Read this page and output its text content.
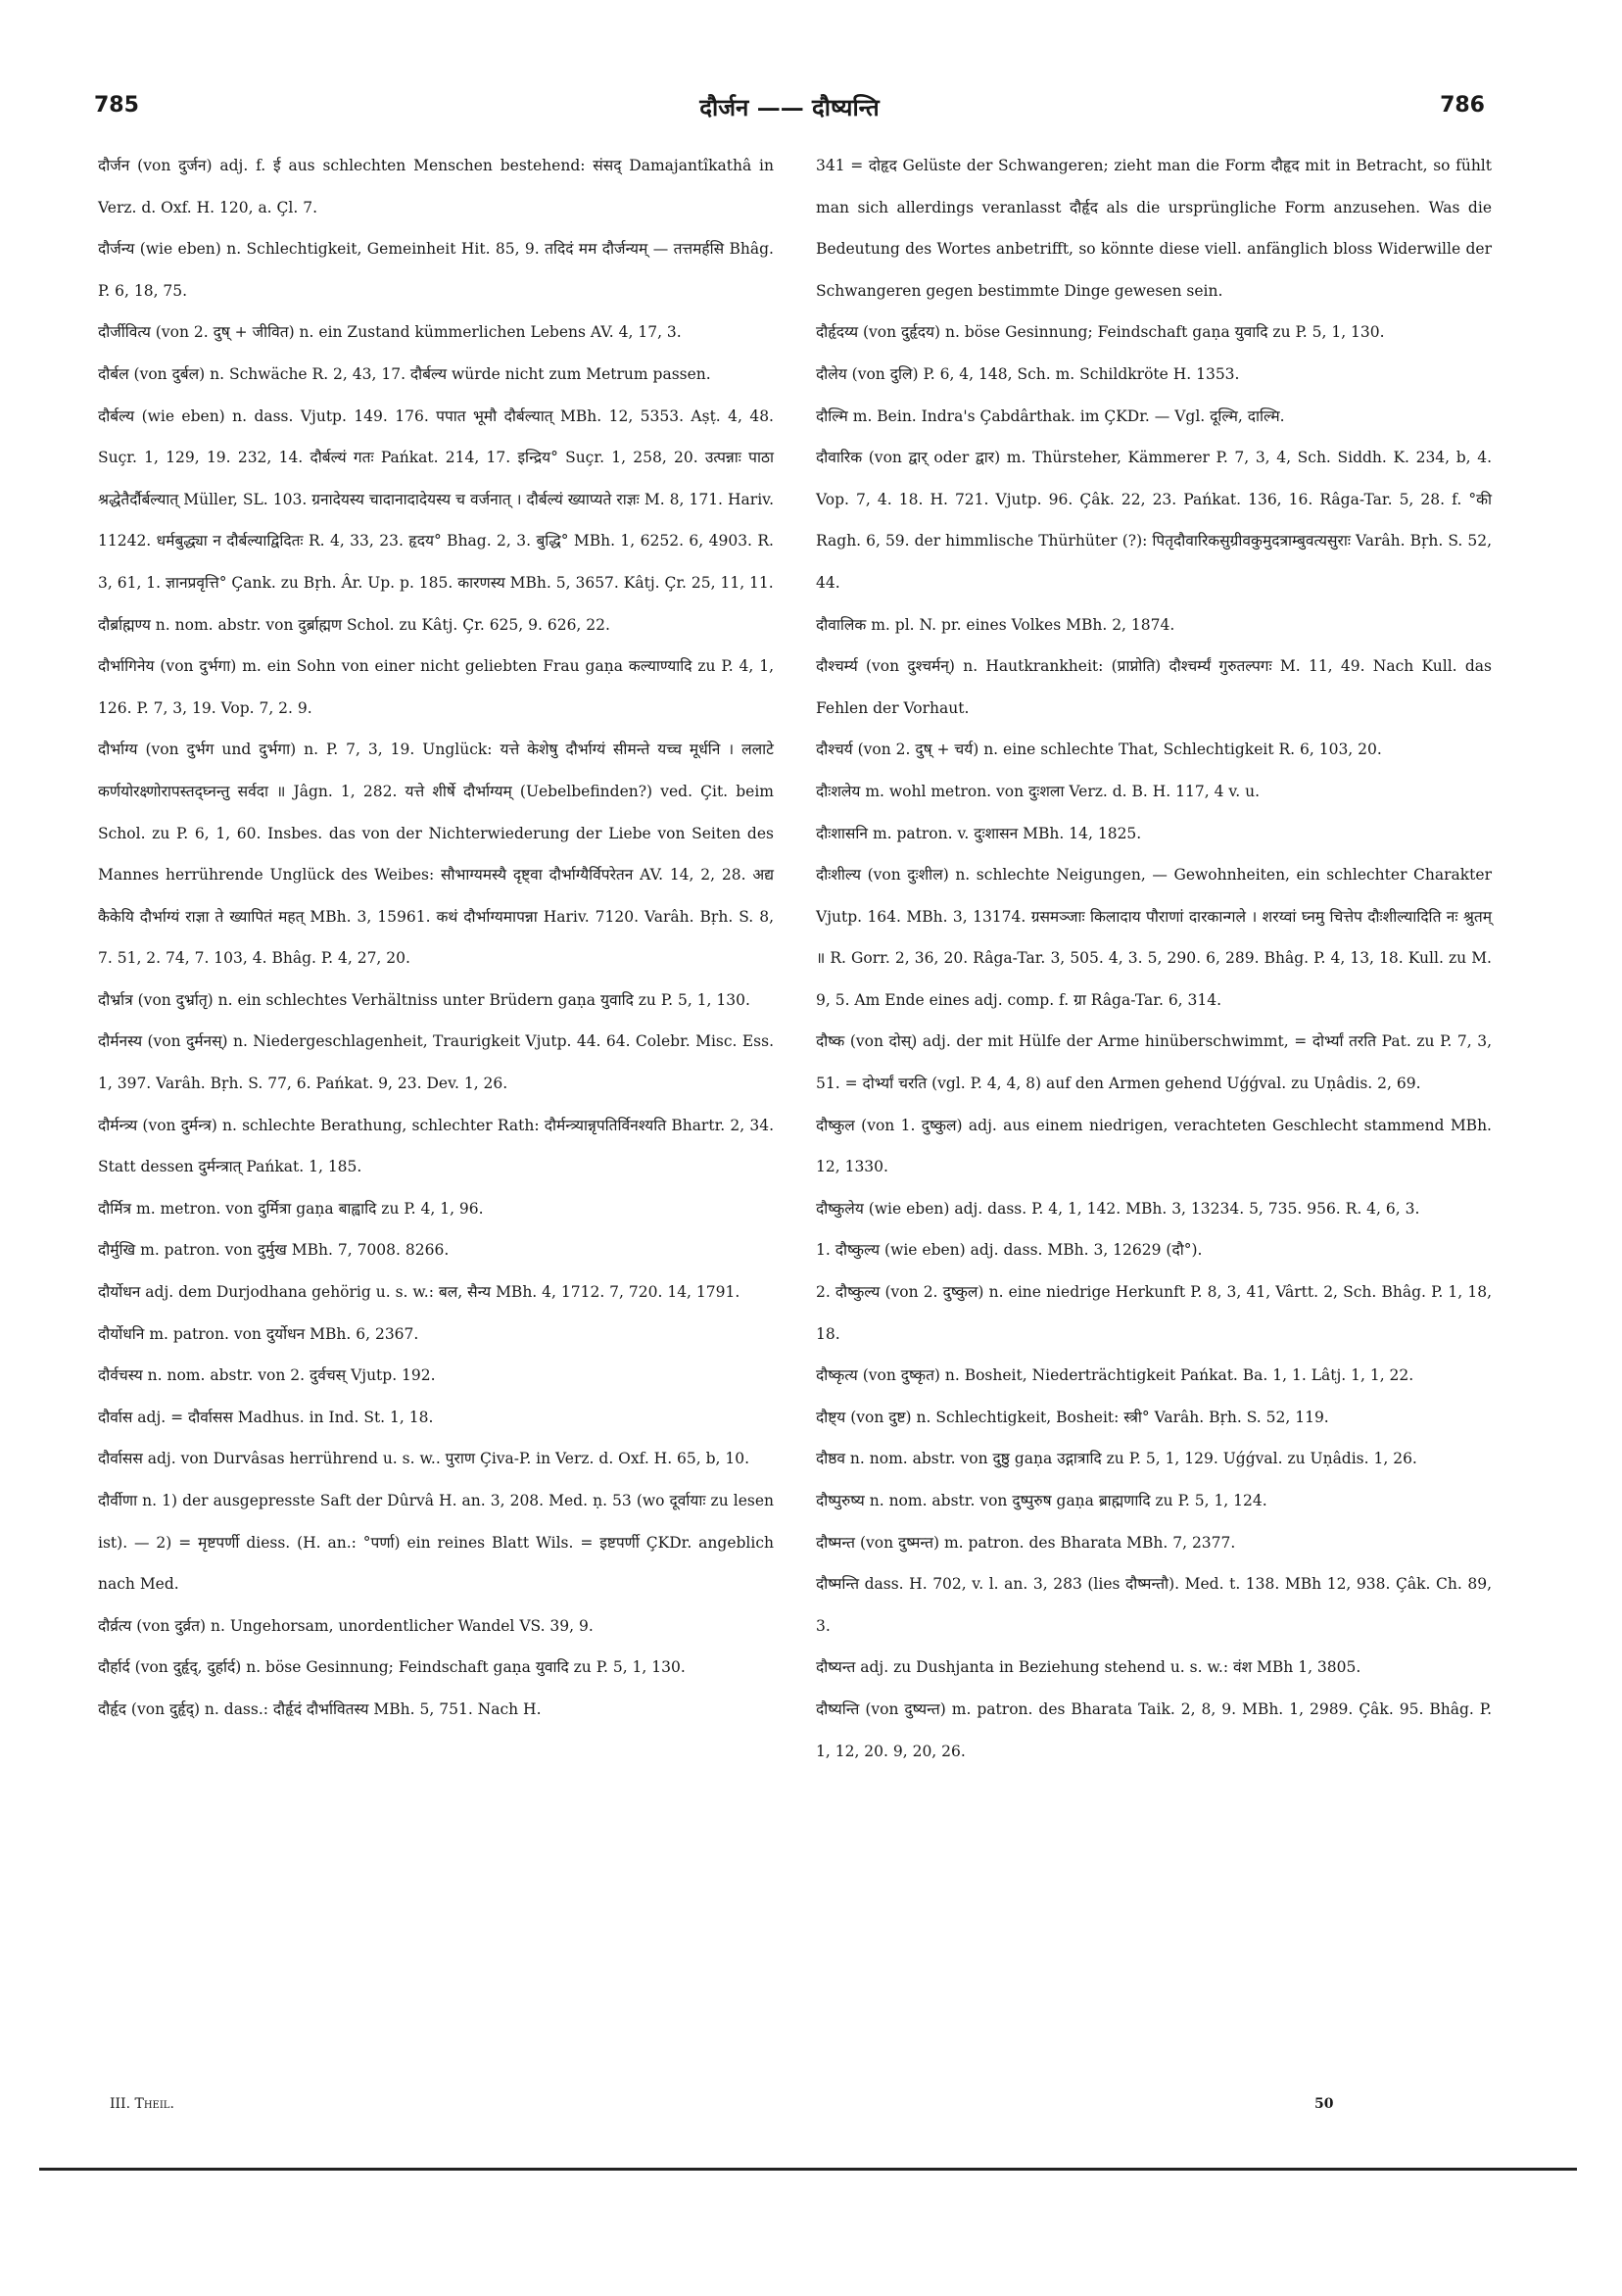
785	दौर्जन —— दौष्यन्ति	786

दौर्जन (von दुर्जन) adj. f. ई aus schlechten Menschen bestehend: संसद् Damajantîkathâ in Verz. d. Oxf. H. 120, a. Çl. 7.

दौर्जन्य (wie eben) n. Schlechtigkeit, Gemeinheit Hit. 85, 9. तदिदं मम दौर्जन्यम् — तत्तमर्हसि Bhâg. P. 6, 18, 75.

दौर्जीवित्य (von 2. दुष् + जीवित) n. ein Zustand kümmerlichen Lebens AV. 4, 17, 3.

दौर्बल (von दुर्बल) n. Schwäche R. 2, 43, 17. दौर्बल्य würde nicht zum Metrum passen.

दौर्बल्य (wie eben) n. dass. Vjutp. 149. 176. पपात भूमौ दौर्बल्यात् MBh. 12, 5353. Aṣṭ. 4, 48. Suçr. 1, 129, 19. 232, 14. दौर्बल्यं गतः Pańkat. 214, 17. इन्द्रिय° Suçr. 1, 258, 20. उत्पन्नाः पाठा श्रद्धेतैर्दौर्बल्यात् Müller, SL. 103. ग्रनादेयस्य चादानादादेयस्य च वर्जनात् । दौर्बल्यं ख्याप्यते राज्ञः M. 8, 171. Hariv. 11242. धर्मबुद्ध्या न दौर्बल्याद्विदितः R. 4, 33, 23. हृदय° Bhag. 2, 3. बुद्धि° MBh. 1, 6252. 6, 4903. R. 3, 61, 1. ज्ञानप्रवृत्ति° Çank. zu Bṛh. Âr. Up. p. 185. कारणस्य MBh. 5, 3657. Kâtj. Çr. 25, 11, 11.

दौर्ब्राह्मण्य n. nom. abstr. von दुर्ब्राह्मण Schol. zu Kâtj. Çr. 625, 9. 626, 22.

दौर्भागिनेय (von दुर्भगा) m. ein Sohn von einer nicht geliebten Frau gaṇa कल्याण्यादि zu P. 4, 1, 126. P. 7, 3, 19. Vop. 7, 2. 9.

दौर्भाग्य (von दुर्भग und दुर्भगा) n. P. 7, 3, 19. Unglück: यत्ते केशेषु दौर्भाग्यं सीमन्ते यच्च मूर्धनि । ललाटे कर्णयोरक्ष्णोरापस्तद्घ्नन्तु सर्वदा ॥ Jâgn. 1, 282. यत्ते शीर्षे दौर्भाग्यम् (Uebelbefinden?) ved. Çit. beim Schol. zu P. 6, 1, 60. Insbes. das von der Nichterwiederung der Liebe von Seiten des Mannes herrührende Unglück des Weibes: सौभाग्यमस्यै दृष्ट्वा दौर्भाग्यैर्विपरेतन AV. 14, 2, 28. अद्य कैकेयि दौर्भाग्यं राज्ञा ते ख्यापितं महत् MBh. 3, 15961. कथं दौर्भाग्यमापन्ना Hariv. 7120. Varâh. Bṛh. S. 8, 7. 51, 2. 74, 7. 103, 4. Bhâg. P. 4, 27, 20.

दौर्भ्रात्र (von दुर्भ्रातृ) n. ein schlechtes Verhältniss unter Brüdern gaṇa युवादि zu P. 5, 1, 130.

दौर्मनस्य (von दुर्मनस्) n. Niedergeschlagenheit, Traurigkeit Vjutp. 44. 64. Colebr. Misc. Ess. 1, 397. Varâh. Bṛh. S. 77, 6. Pańkat. 9, 23. Dev. 1, 26.

दौर्मन्त्र्य (von दुर्मन्त्र) n. schlechte Berathung, schlechter Rath: दौर्मन्त्र्यान्नृपतिर्विनश्यति Bhartr. 2, 34. Statt dessen दुर्मन्त्रात् Pańkat. 1, 185.

दौर्मित्र m. metron. von दुर्मित्रा gaṇa बाह्वादि zu P. 4, 1, 96.

दौर्मुखि m. patron. von दुर्मुख MBh. 7, 7008. 8266.

दौर्योधन adj. dem Durjodhana gehörig u. s. w.: बल, सैन्य MBh. 4, 1712. 7, 720. 14, 1791.

दौर्योधनि m. patron. von दुर्योधन MBh. 6, 2367.

दौर्वचस्य n. nom. abstr. von 2. दुर्वचस् Vjutp. 192.

दौर्वास adj. = दौर्वासस Madhus. in Ind. St. 1, 18.

दौर्वासस adj. von Durvâsas herrührend u. s. w.. पुराण Çiva-P. in Verz. d. Oxf. H. 65, b, 10.

दौर्वीणा n. 1) der ausgepresste Saft der Dûrvâ H. an. 3, 208. Med. ṇ. 53 (wo दूर्वायाः zu lesen ist). — 2) = मृष्टपर्णी diess. (H. an.: °पर्णा) ein reines Blatt Wils. = इष्टपर्णी ÇKDr. angeblich nach Med.

दौर्व्रत्य (von दुर्व्रत) n. Ungehorsam, unordentlicher Wandel VS. 39, 9.

दौर्हार्द (von दुर्हृद्, दुर्हार्द) n. böse Gesinnung; Feindschaft gaṇa युवादि zu P. 5, 1, 130.

दौर्हृद (von दुर्हृद्) n. dass.: दौर्हृदं दौर्भावितस्य MBh. 5, 751. Nach H.

341 = दोहृद Gelüste der Schwangeren; zieht man die Form दौहृद mit in Betracht, so fühlt man sich allerdings veranlasst दौर्हृद als die ursprüngliche Form anzusehen. Was die Bedeutung des Wortes anbetrifft, so könnte diese viell. anfänglich bloss Widerwille der Schwangeren gegen bestimmte Dinge gewesen sein.

दौर्हृदय्य (von दुर्हृदय) n. böse Gesinnung; Feindschaft gaṇa युवादि zu P. 5, 1, 130.

दौलेय (von दुलि) P. 6, 4, 148, Sch. m. Schildkröte H. 1353.

दौल्मि m. Bein. Indra's Çabdârthak. im ÇKDr. — Vgl. दूल्मि, दाल्मि.

दौवारिक (von द्वार् oder द्वार) m. Thürsteher, Kämmerer P. 7, 3, 4, Sch. Siddh. K. 234, b, 4. Vop. 7, 4. 18. H. 721. Vjutp. 96. Çâk. 22, 23. Pańkat. 136, 16. Râga-Tar. 5, 28. f. °की Ragh. 6, 59. der himmlische Thürhüter (?): पितृदौवारिकसुग्रीवकुमुदत्राम्बुवत्यसुराः Varâh. Bṛh. S. 52, 44.

दौवालिक m. pl. N. pr. eines Volkes MBh. 2, 1874.

दौश्चर्म्य (von दुश्चर्मन्) n. Hautkrankheit: (प्राप्नोति) दौश्चर्म्यं गुरुतल्पगः M. 11, 49. Nach Kull. das Fehlen der Vorhaut.

दौश्चर्य (von 2. दुष् + चर्य) n. eine schlechte That, Schlechtigkeit R. 6, 103, 20.

दौःशलेय m. wohl metron. von दुःशला Verz. d. B. H. 117, 4 v. u.

दौःशासनि m. patron. v. दुःशासन MBh. 14, 1825.

दौःशील्य (von दुःशील) n. schlechte Neigungen, — Gewohnheiten, ein schlechter Charakter Vjutp. 164. MBh. 3, 13174. ग्रसमञ्जाः किलादाय पौराणां दारकान्गले । शरय्वां घ्नमु चित्तेप दौःशील्यादिति नः श्रुतम् ॥ R. Gorr. 2, 36, 20. Râga-Tar. 3, 505. 4, 3. 5, 290. 6, 289. Bhâg. P. 4, 13, 18. Kull. zu M. 9, 5. Am Ende eines adj. comp. f. ग्रा Râga-Tar. 6, 314.

दौष्क (von दोस्) adj. der mit Hülfe der Arme hinüberschwimmt, = दोर्भ्यां तरति Pat. zu P. 7, 3, 51. = दोर्भ्यां चरति (vgl. P. 4, 4, 8) auf den Armen gehend Uǵǵval. zu Uṇâdis. 2, 69.

दौष्कुल (von 1. दुष्कुल) adj. aus einem niedrigen, verachteten Geschlecht stammend MBh. 12, 1330.

दौष्कुलेय (wie eben) adj. dass. P. 4, 1, 142. MBh. 3, 13234. 5, 735. 956. R. 4, 6, 3.

1. दौष्कुल्य (wie eben) adj. dass. MBh. 3, 12629 (दौ°).

2. दौष्कुल्य (von 2. दुष्कुल) n. eine niedrige Herkunft P. 8, 3, 41, Vârtt. 2, Sch. Bhâg. P. 1, 18, 18.

दौष्कृत्य (von दुष्कृत) n. Bosheit, Niederträchtigkeit Pańkat. Ba. 1, 1. Lâtj. 1, 1, 22.

दौष्ट्य (von दुष्ट) n. Schlechtigkeit, Bosheit: स्त्री° Varâh. Bṛh. S. 52, 119.

दौष्ठव n. nom. abstr. von दुष्ठु gaṇa उद्गात्रादि zu P. 5, 1, 129. Uǵǵval. zu Uṇâdis. 1, 26.

दौष्पुरुष्य n. nom. abstr. von दुष्पुरुष gaṇa ब्राह्मणादि zu P. 5, 1, 124.

दौष्मन्त (von दुष्मन्त) m. patron. des Bharata MBh. 7, 2377.

दौष्मन्ति dass. H. 702, v. l. an. 3, 283 (lies दौष्मन्तौ). Med. t. 138. MBh 12, 938. Çâk. Ch. 89, 3.

दौष्यन्त adj. zu Dushjanta in Beziehung stehend u. s. w.: वंश MBh 1, 3805.

दौष्यन्ति (von दुष्यन्त) m. patron. des Bharata Taik. 2, 8, 9. MBh. 1, 2989. Çâk. 95. Bhâg. P. 1, 12, 20. 9, 20, 26.

III. Theil.	50
